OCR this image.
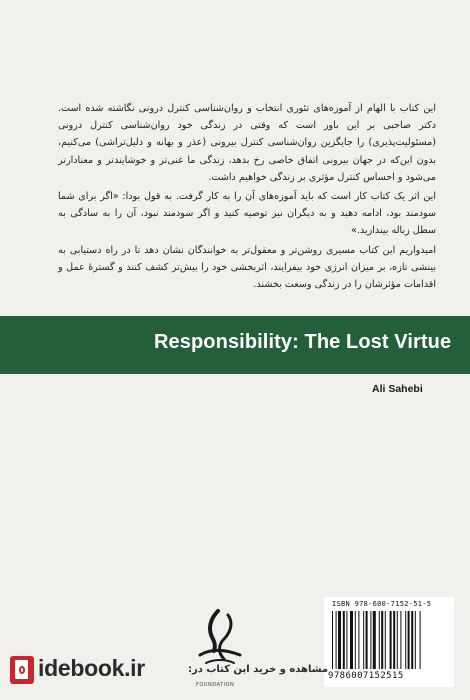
این کتاب با الهام از آموزه‌های تئوری انتخاب و روان‌شناسی کنترل درونی نگاشته شده است. دکتر صاحبی بر این باور است که وقتی در زندگی خود روان‌شناسی کنترل درونی (مسئولیت‌پذیری) را جایگزین روان‌شناسی کنترل بیرونی (عذر و بهانه و دلیل‌تراشی) می‌کنیم، بدون این‌که در جهان بیرونی اتفاق خاصی رخ بدهد، زندگی ما غنی‌تر و خوشایندتر و معنادارتر می‌شود و احساس کنترل مؤثری بر زندگی خواهیم داشت.

این اثر یک کتاب کار است که باید آموزه‌های آن را به کار گرفت. به قول بودا: «اگر برای شما سودمند بود، ادامه دهید و به دیگران نیز توصیه کنید و اگر سودمند نبود، آن را به سادگی به سطل زباله بیندازید.»

امیدواریم این کتاب مسیری روشن‌تر و معقول‌تر به خوانندگان نشان دهد تا در راه دستیابی به بینشی تازه، بر میزان انرژی خود بیفزایند، اثربخشی خود را بیش‌تر کشف کنند و گسترهٔ عمل و اقدامات مؤثرشان را در زندگی وسعت بخشند.

Responsibility: The Lost Virtue
Ali Sahebi
FOUNDATION
ISBN 978-600-7152-51-5
9786007152515
idebook.ir	مشاهده و خرید این کتاب در:
